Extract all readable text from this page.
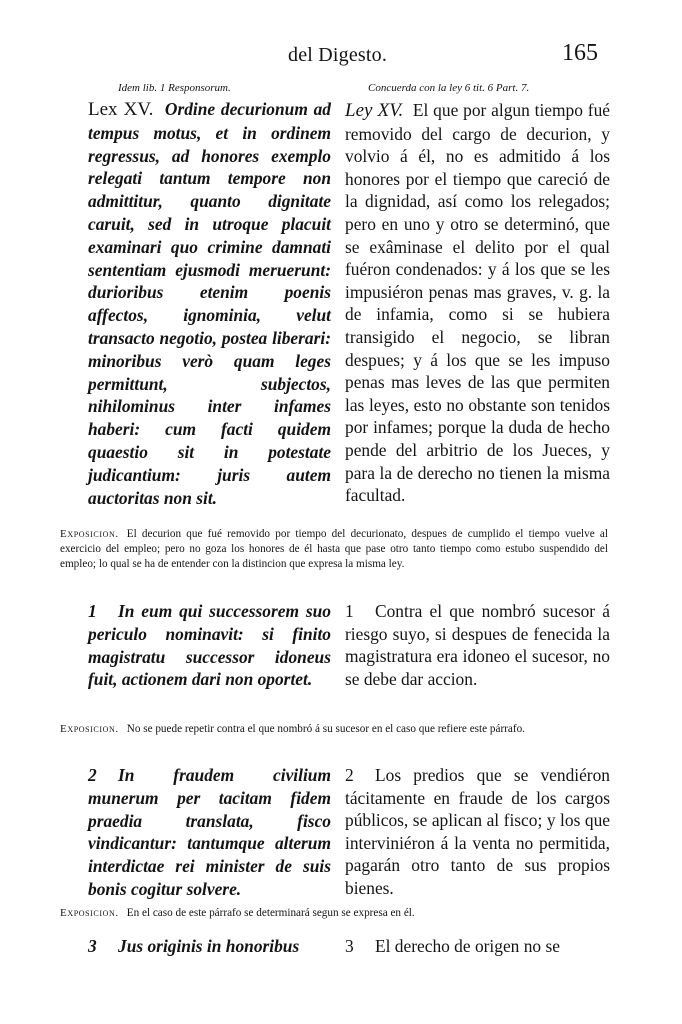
del Digesto.	165
Idem lib. 1 Responsorum.	Concuerda con la ley 6 tit. 6 Part. 7.

Lex XV. Ordine decurionum ad tempus motus, et in ordinem regressus, ad honores exemplo relegati tantum tempore non admittitur, quanto dignitate caruit, sed in utroque placuit examinari quo crimine damnati sententiam ejusmodi meruerunt: durioribus etenim poenis affectos, ignominia, velut transacto negotio, postea liberari: minoribus verò quam leges permittunt, subjectos, nihilominus inter infames haberi: cum facti quidem quaestio sit in potestate judicantium: juris autem auctoritas non sit.

Ley XV. El que por algun tiempo fué removido del cargo de decurion, y volvio á él, no es admitido á los honores por el tiempo que careció de la dignidad, así como los relegados; pero en uno y otro se determinó, que se exâminase el delito por el qual fuéron condenados: y á los que se les impusiéron penas mas graves, v. g. la de infamia, como si se hubiera transigido el negocio, se libran despues; y á los que se les impuso penas mas leves de las que permiten las leyes, esto no obstante son tenidos por infames; porque la duda de hecho pende del arbitrio de los Jueces, y para la de derecho no tienen la misma facultad.

Exposicion. El decurion que fué removido por tiempo del decurionato, despues de cumplido el tiempo vuelve al exercicio del empleo; pero no goza los honores de él hasta que pase otro tanto tiempo como estubo suspendido del empleo; lo qual se ha de entender con la distincion que expresa la misma ley.

1 In eum qui successorem suo periculo nominavit: si finito magistratu successor idoneus fuit, actionem dari non oportet.

1 Contra el que nombró sucesor á riesgo suyo, si despues de fenecida la magistratura era idoneo el sucesor, no se debe dar accion.

Exposicion. No se puede repetir contra el que nombró á su sucesor en el caso que refiere este párrafo.

2 In fraudem civilium munerum per tacitam fidem praedia translata, fisco vindicantur: tantumque alterum interdictae rei minister de suis bonis cogitur solvere.

2 Los predios que se vendiéron tácitamente en fraude de los cargos públicos, se aplican al fisco; y los que interviniéron á la venta no permitida, pagarán otro tanto de sus propios bienes.

Exposicion. En el caso de este párrafo se determinará segun se expresa en él.

3 Jus originis in honoribus	3 El derecho de origen no se
